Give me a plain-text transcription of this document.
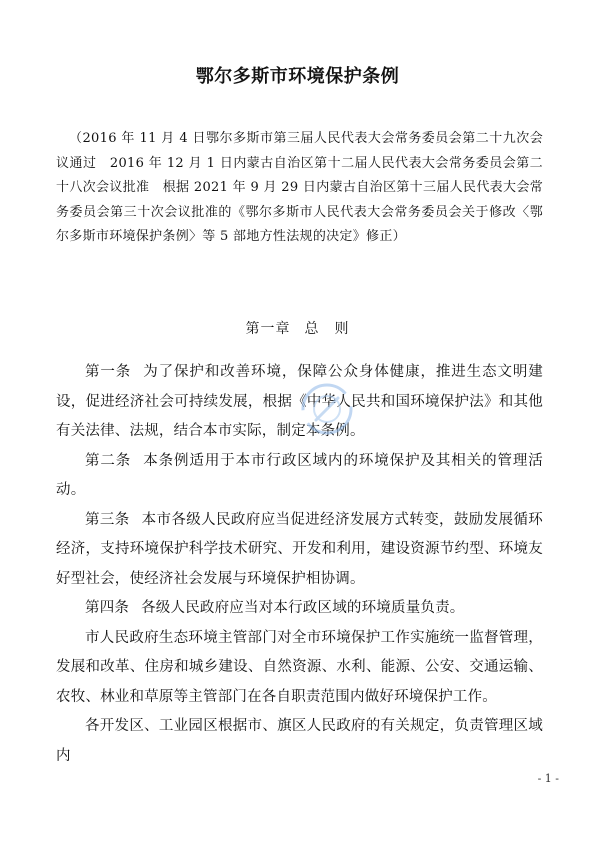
鄂尔多斯市环境保护条例

（2016 年 11 月 4 日鄂尔多斯市第三届人民代表大会常务委员会第二十九次会议通过　2016 年 12 月 1 日内蒙古自治区第十二届人民代表大会常务委员会第二十八次会议批准　根据 2021 年 9 月 29 日内蒙古自治区第十三届人民代表大会常务委员会第三十次会议批准的《鄂尔多斯市人民代表大会常务委员会关于修改〈鄂尔多斯市环境保护条例〉等 5 部地方性法规的决定》修正）

第一章 总　则

第一条 为了保护和改善环境，保障公众身体健康，推进生态文明建设，促进经济社会可持续发展，根据《中华人民共和国环境保护法》和其他有关法律、法规，结合本市实际，制定本条例。

第二条 本条例适用于本市行政区域内的环境保护及其相关的管理活动。

第三条 本市各级人民政府应当促进经济发展方式转变，鼓励发展循环经济，支持环境保护科学技术研究、开发和利用，建设资源节约型、环境友好型社会，使经济社会发展与环境保护相协调。

第四条 各级人民政府应当对本行政区域的环境质量负责。

市人民政府生态环境主管部门对全市环境保护工作实施统一监督管理，发展和改革、住房和城乡建设、自然资源、水利、能源、公安、交通运输、农牧、林业和草原等主管部门在各自职责范围内做好环境保护工作。

各开发区、工业园区根据市、旗区人民政府的有关规定，负责管理区域内

- 1 -
